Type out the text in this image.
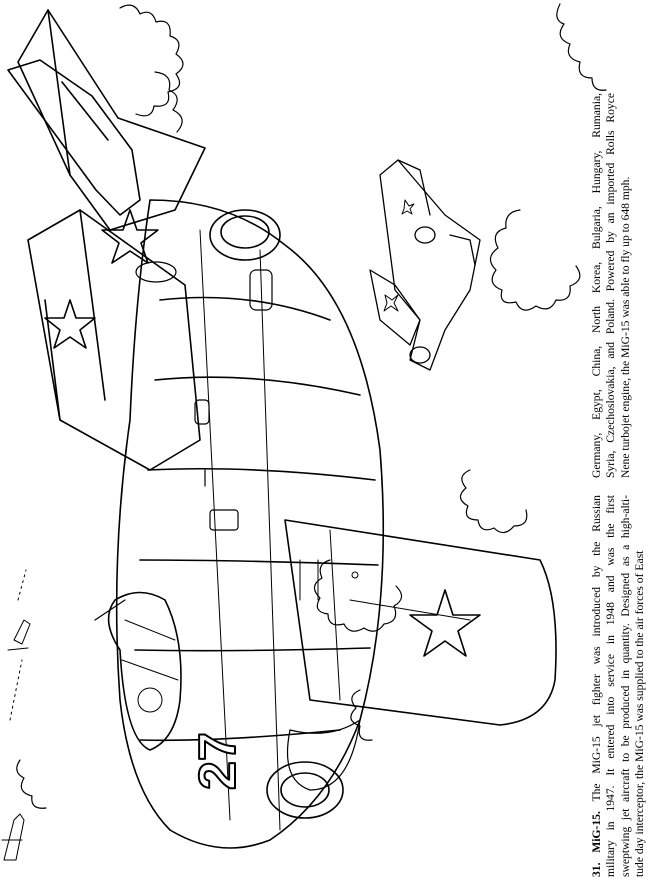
27
31. MiG-15. The MiG-15 jet fighter was introduced by the Russian military in 1947. It entered into service in 1948 and was the first sweptwing jet aircraft to be produced in quantity. Designed as a high-alti- tude day interceptor, the MiG-15 was supplied to the air forces of East
Germany, Egypt, China, North Korea, Bulgaria, Hungary, Rumania, Syria, Czechoslovakia, and Poland. Powered by an imported Rolls Royce Nene turbojet engine, the MiG-15 was able to fly up to 648 mph.
